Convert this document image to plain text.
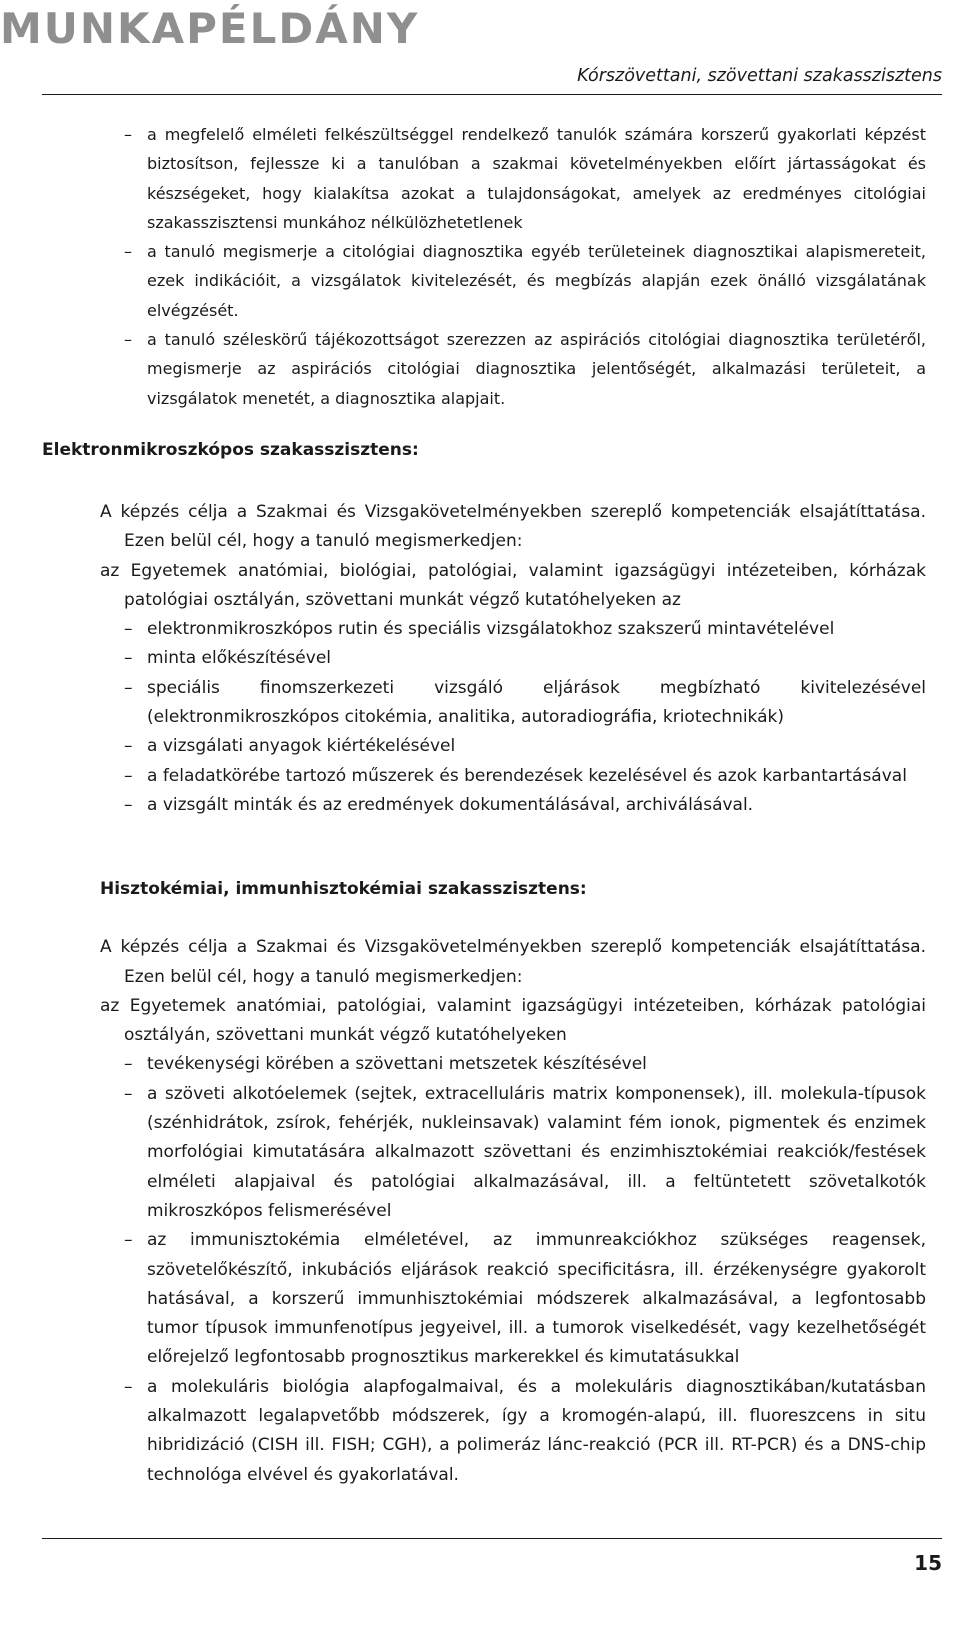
MUNKAPÉLDÁNY
Kórszövettani, szövettani szakasszisztens
– a megfelelő elméleti felkészültséggel rendelkező tanulók számára korszerű gyakorlati képzést biztosítson, fejlessze ki a tanulóban a szakmai követelményekben előírt jártasságokat és készségeket, hogy kialakítsa azokat a tulajdonságokat, amelyek az eredményes citológiai szakasszisztensi munkához nélkülözhetetlenek
– a tanuló megismerje a citológiai diagnosztika egyéb területeinek diagnosztikai alapismereteit, ezek indikációit, a vizsgálatok kivitelezését, és megbízás alapján ezek önálló vizsgálatának elvégzését.
– a tanuló széleskörű tájékozottságot szerezzen az aspirációs citológiai diagnosztika területéről, megismerje az aspirációs citológiai diagnosztika jelentőségét, alkalmazási területeit, a vizsgálatok menetét, a diagnosztika alapjait.
Elektronmikroszkópos szakasszisztens:

A képzés célja a Szakmai és Vizsgakövetelményekben szereplő kompetenciák elsajátíttatása. Ezen belül cél, hogy a tanuló megismerkedjen:

az Egyetemek anatómiai, biológiai, patológiai, valamint igazságügyi intézeteiben, kórházak patológiai osztályán, szövettani munkát végző kutatóhelyeken az

– elektronmikroszkópos rutin és speciális vizsgálatokhoz szakszerű mintavételével
– minta előkészítésével
– speciális finomszerkezeti vizsgáló eljárások megbízható kivitelezésével (elektronmikroszkópos citokémia, analitika, autoradiográfia, kriotechnikák)
– a vizsgálati anyagok kiértékelésével
– a feladatkörébe tartozó műszerek és berendezések kezelésével és azok karbantartásával
– a vizsgált minták és az eredmények dokumentálásával, archiválásával.

Hisztokémiai, immunhisztokémiai szakasszisztens:

A képzés célja a Szakmai és Vizsgakövetelményekben szereplő kompetenciák elsajátíttatása. Ezen belül cél, hogy a tanuló megismerkedjen:

az Egyetemek anatómiai, patológiai, valamint igazságügyi intézeteiben, kórházak patológiai osztályán, szövettani munkát végző kutatóhelyeken

– tevékenységi körében a szövettani metszetek készítésével
– a szöveti alkotóelemek (sejtek, extracelluláris matrix komponensek), ill. molekula-típusok (szénhidrátok, zsírok, fehérjék, nukleinsavak) valamint fém ionok, pigmentek és enzimek morfológiai kimutatására alkalmazott szövettani és enzimhisztokémiai reakciók/festések elméleti alapjaival és patológiai alkalmazásával, ill. a feltüntetett szövetalkotók mikroszkópos felismerésével
– az immunisztokémia elméletével, az immunreakciókhoz szükséges reagensek, szövetelőkészítő, inkubációs eljárások reakció specificitásra, ill. érzékenységre gyakorolt hatásával, a korszerű immunhisztokémiai módszerek alkalmazásával, a legfontosabb tumor típusok immunfenotípus jegyeivel, ill. a tumorok viselkedését, vagy kezelhetőségét előrejelző legfontosabb prognosztikus markerekkel és kimutatásukkal
– a molekuláris biológia alapfogalmaival, és a molekuláris diagnosztikában/kutatásban alkalmazott legalapvetőbb módszerek, így a kromogén-alapú, ill. fluoreszcens in situ hibridizáció (CISH ill. FISH; CGH), a polimeráz lánc-reakció (PCR ill. RT-PCR) és a DNS-chip technológa elvével és gyakorlatával.
15
